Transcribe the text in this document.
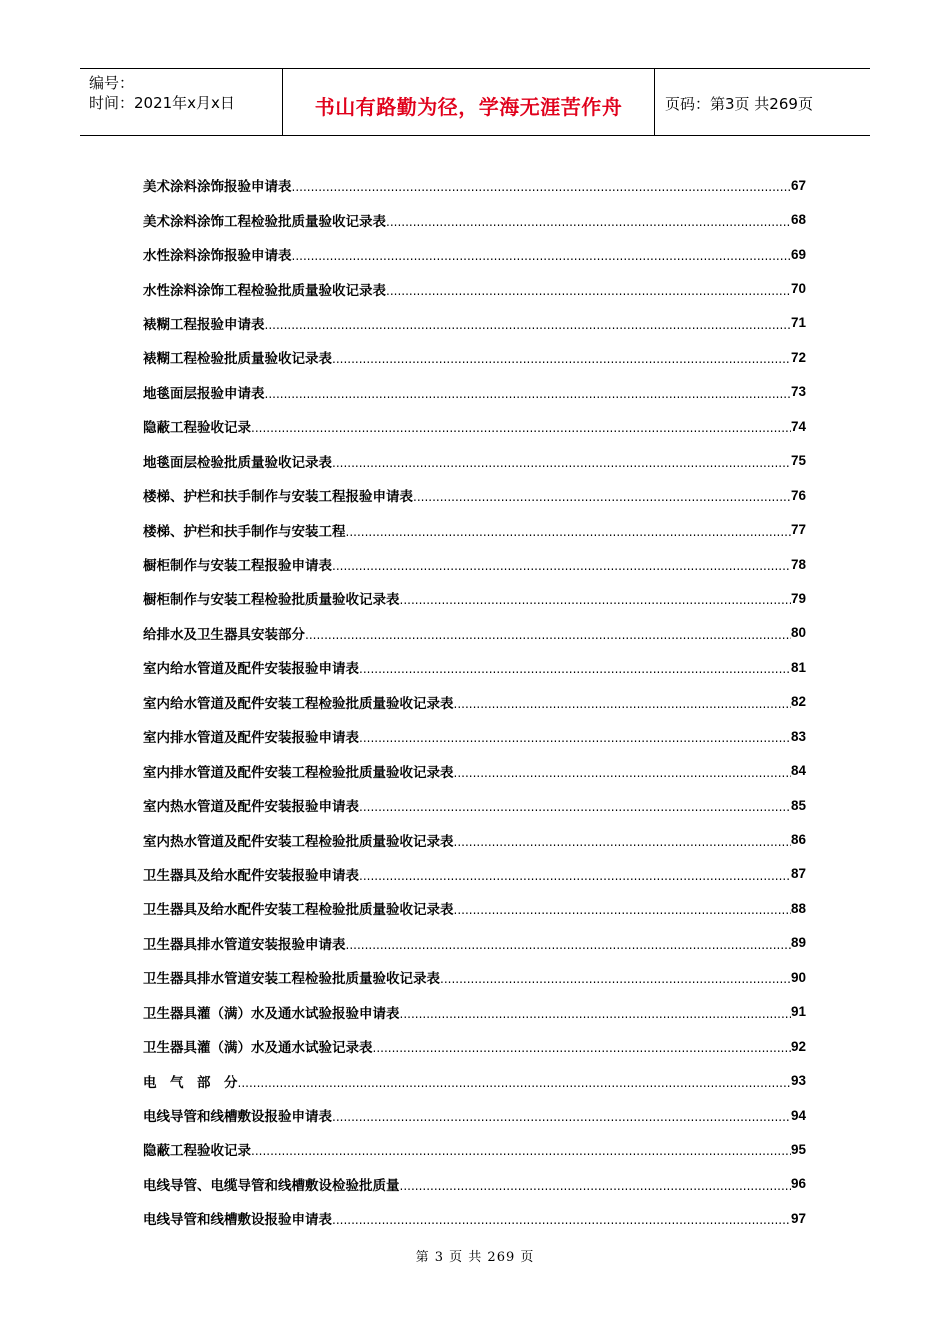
编号：
时间：2021年x月x日	书山有路勤为径，学海无涯苦作舟	页码：第3页 共269页
美术涂料涂饰报验申请表 .....	67
美术涂料涂饰工程检验批质量验收记录表 .....	68
水性涂料涂饰报验申请表 .....	69
水性涂料涂饰工程检验批质量验收记录表 .....	70
裱糊工程报验申请表 .....	71
裱糊工程检验批质量验收记录表 .....	72
地毯面层报验申请表 .....	73
隐蔽工程验收记录 .....	74
地毯面层检验批质量验收记录表 .....	75
楼梯、护栏和扶手制作与安装工程报验申请表 .....	76
楼梯、护栏和扶手制作与安装工程 .....	77
橱柜制作与安装工程报验申请表 .....	78
橱柜制作与安装工程检验批质量验收记录表 .....	79
给排水及卫生器具安装部分 .....	80
室内给水管道及配件安装报验申请表 .....	81
室内给水管道及配件安装工程检验批质量验收记录表 .....	82
室内排水管道及配件安装报验申请表 .....	83
室内排水管道及配件安装工程检验批质量验收记录表 .....	84
室内热水管道及配件安装报验申请表 .....	85
室内热水管道及配件安装工程检验批质量验收记录表 .....	86
卫生器具及给水配件安装报验申请表 .....	87
卫生器具及给水配件安装工程检验批质量验收记录表 .....	88
卫生器具排水管道安装报验申请表 .....	89
卫生器具排水管道安装工程检验批质量验收记录表 .....	90
卫生器具灌（满）水及通水试验报验申请表 .....	91
卫生器具灌（满）水及通水试验记录表 .....	92
电　气　部　分 .....	93
电线导管和线槽敷设报验申请表 .....	94
隐蔽工程验收记录 .....	95
电线导管、电缆导管和线槽敷设检验批质量 .....	96
电线导管和线槽敷设报验申请表 .....	97
第 3 页 共 269 页
